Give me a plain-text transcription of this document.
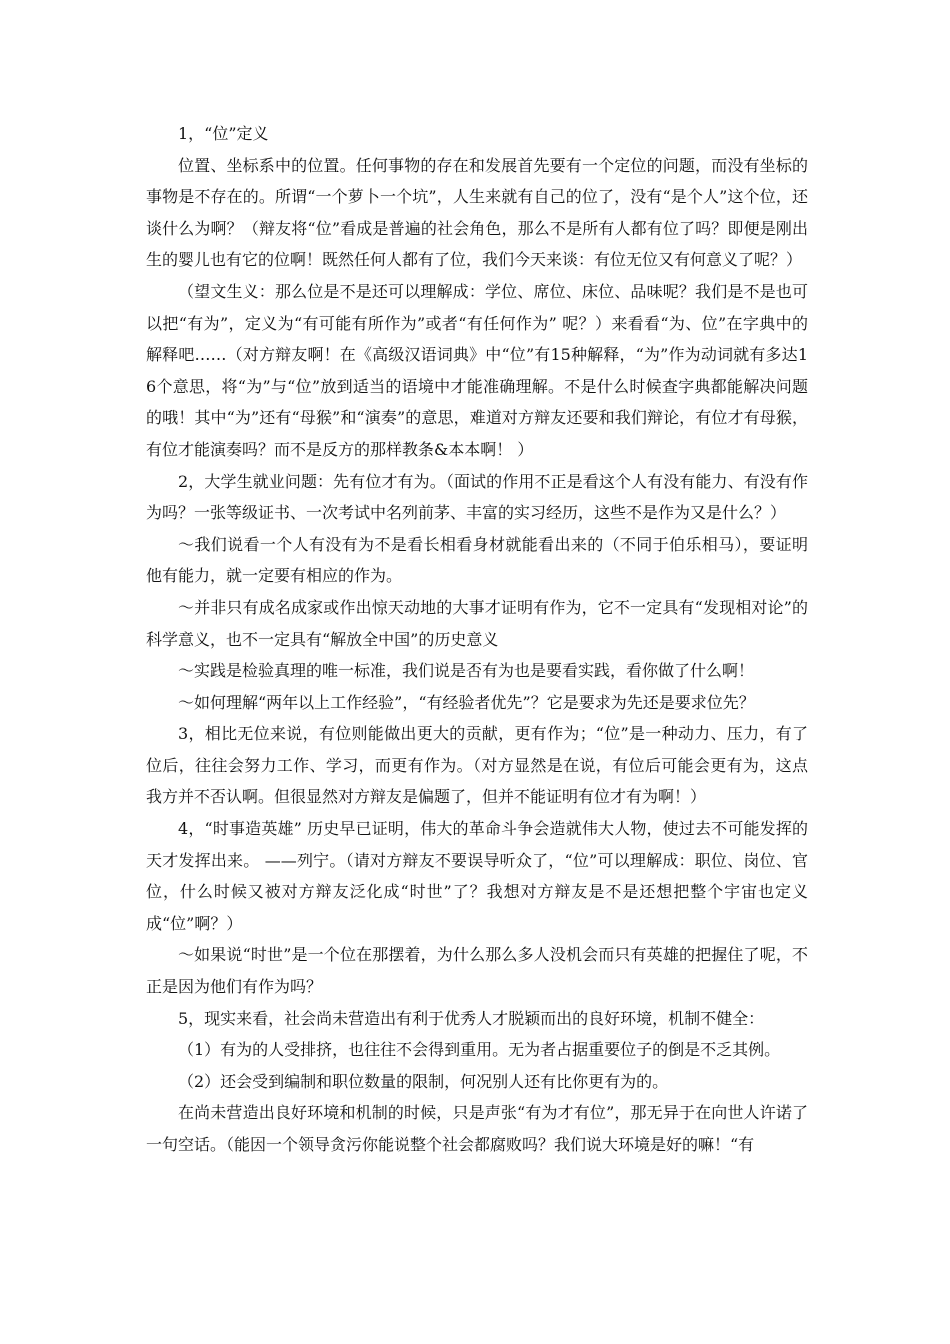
1，“位”定义

位置、坐标系中的位置。任何事物的存在和发展首先要有一个定位的问题，而没有坐标的事物是不存在的。所谓“一个萝卜一个坑”，人生来就有自己的位了，没有“是个人”这个位，还谈什么为啊？（辩友将“位”看成是普遍的社会角色，那么不是所有人都有位了吗？即便是刚出生的婴儿也有它的位啊！既然任何人都有了位，我们今天来谈：有位无位又有何意义了呢？）

（望文生义：那么位是不是还可以理解成：学位、席位、床位、品味呢？我们是不是也可以把“有为”，定义为“有可能有所作为”或者“有任何作为” 呢？）来看看“为、位”在字典中的解释吧……（对方辩友啊！在《高级汉语词典》中“位”有15种解释，“为”作为动词就有多达16个意思，将“为”与“位”放到适当的语境中才能准确理解。不是什么时候查字典都能解决问题的哦！其中“为”还有“母猴”和“演奏”的意思，难道对方辩友还要和我们辩论，有位才有母猴，有位才能演奏吗？而不是反方的那样教条&本本啊！ ）

2，大学生就业问题：先有位才有为。（面试的作用不正是看这个人有没有能力、有没有作为吗？一张等级证书、一次考试中名列前茅、丰富的实习经历，这些不是作为又是什么？）

～我们说看一个人有没有为不是看长相看身材就能看出来的（不同于伯乐相马），要证明他有能力，就一定要有相应的作为。

～并非只有成名成家或作出惊天动地的大事才证明有作为，它不一定具有“发现相对论”的科学意义，也不一定具有“解放全中国”的历史意义

～实践是检验真理的唯一标准，我们说是否有为也是要看实践，看你做了什么啊！

～如何理解“两年以上工作经验”，“有经验者优先”？它是要求为先还是要求位先？

3，相比无位来说，有位则能做出更大的贡献，更有作为；“位”是一种动力、压力，有了位后，往往会努力工作、学习，而更有作为。（对方显然是在说，有位后可能会更有为，这点我方并不否认啊。但很显然对方辩友是偏题了，但并不能证明有位才有为啊！）

4，“时事造英雄” 历史早已证明，伟大的革命斗争会造就伟大人物，使过去不可能发挥的天才发挥出来。 ——列宁。（请对方辩友不要误导听众了，“位”可以理解成：职位、岗位、官位，什么时候又被对方辩友泛化成“时世”了？我想对方辩友是不是还想把整个宇宙也定义成“位”啊？）

～如果说“时世”是一个位在那摆着，为什么那么多人没机会而只有英雄的把握住了呢，不正是因为他们有作为吗？

5，现实来看，社会尚未营造出有利于优秀人才脱颖而出的良好环境，机制不健全：

（1）有为的人受排挤，也往往不会得到重用。无为者占据重要位子的倒是不乏其例。

（2）还会受到编制和职位数量的限制，何况别人还有比你更有为的。

在尚未营造出良好环境和机制的时候，只是声张“有为才有位”，那无异于在向世人许诺了一句空话。（能因一个领导贪污你能说整个社会都腐败吗？我们说大环境是好的嘛！“有
